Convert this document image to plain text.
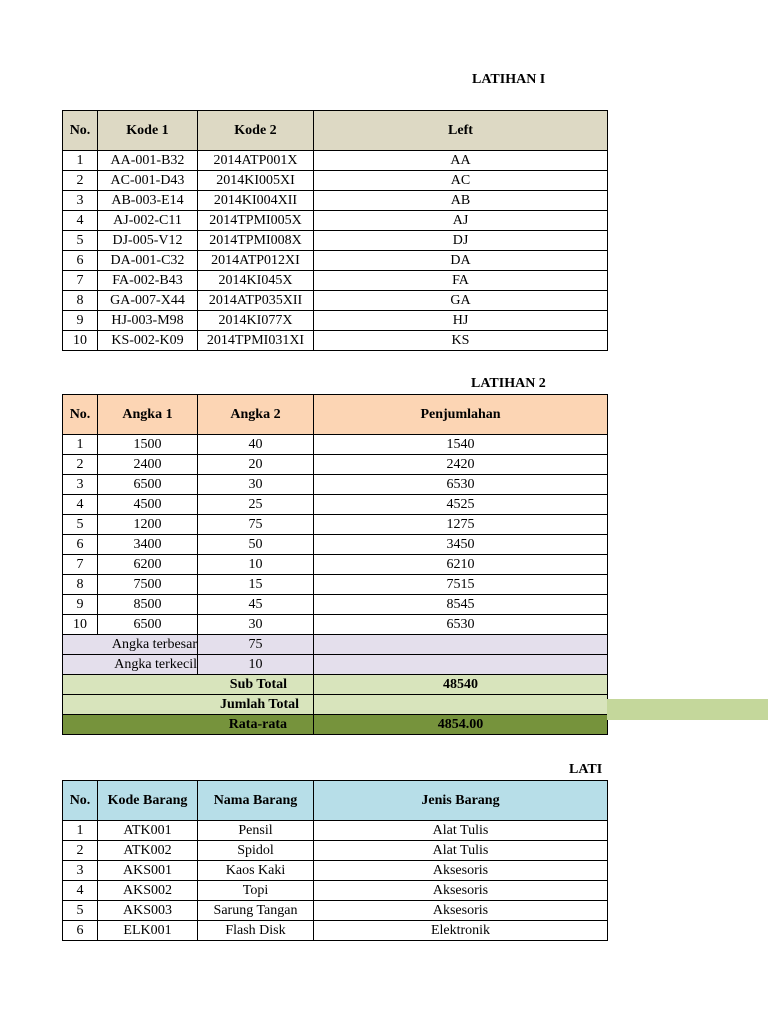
LATIHAN I
No.	Kode 1	Kode 2	Left
1	AA-001-B32	2014ATP001X	AA
2	AC-001-D43	2014KI005XI	AC
3	AB-003-E14	2014KI004XII	AB
4	AJ-002-C11	2014TPMI005X	AJ
5	DJ-005-V12	2014TPMI008X	DJ
6	DA-001-C32	2014ATP012XI	DA
7	FA-002-B43	2014KI045X	FA
8	GA-007-X44	2014ATP035XII	GA
9	HJ-003-M98	2014KI077X	HJ
10	KS-002-K09	2014TPMI031XI	KS
LATIHAN 2
No.	Angka 1	Angka 2	Penjumlahan
1	1500	40	1540
2	2400	20	2420
3	6500	30	6530
4	4500	25	4525
5	1200	75	1275
6	3400	50	3450
7	6200	10	6210
8	7500	15	7515
9	8500	45	8545
10	6500	30	6530
Angka terbesar		75	
Angka terkecil		10	
Sub Total			48540
Jumlah Total			
Rata-rata			4854.00
LATI
No.	Kode Barang	Nama Barang	Jenis Barang
1	ATK001	Pensil	Alat Tulis
2	ATK002	Spidol	Alat Tulis
3	AKS001	Kaos Kaki	Aksesoris
4	AKS002	Topi	Aksesoris
5	AKS003	Sarung Tangan	Aksesoris
6	ELK001	Flash Disk	Elektronik
